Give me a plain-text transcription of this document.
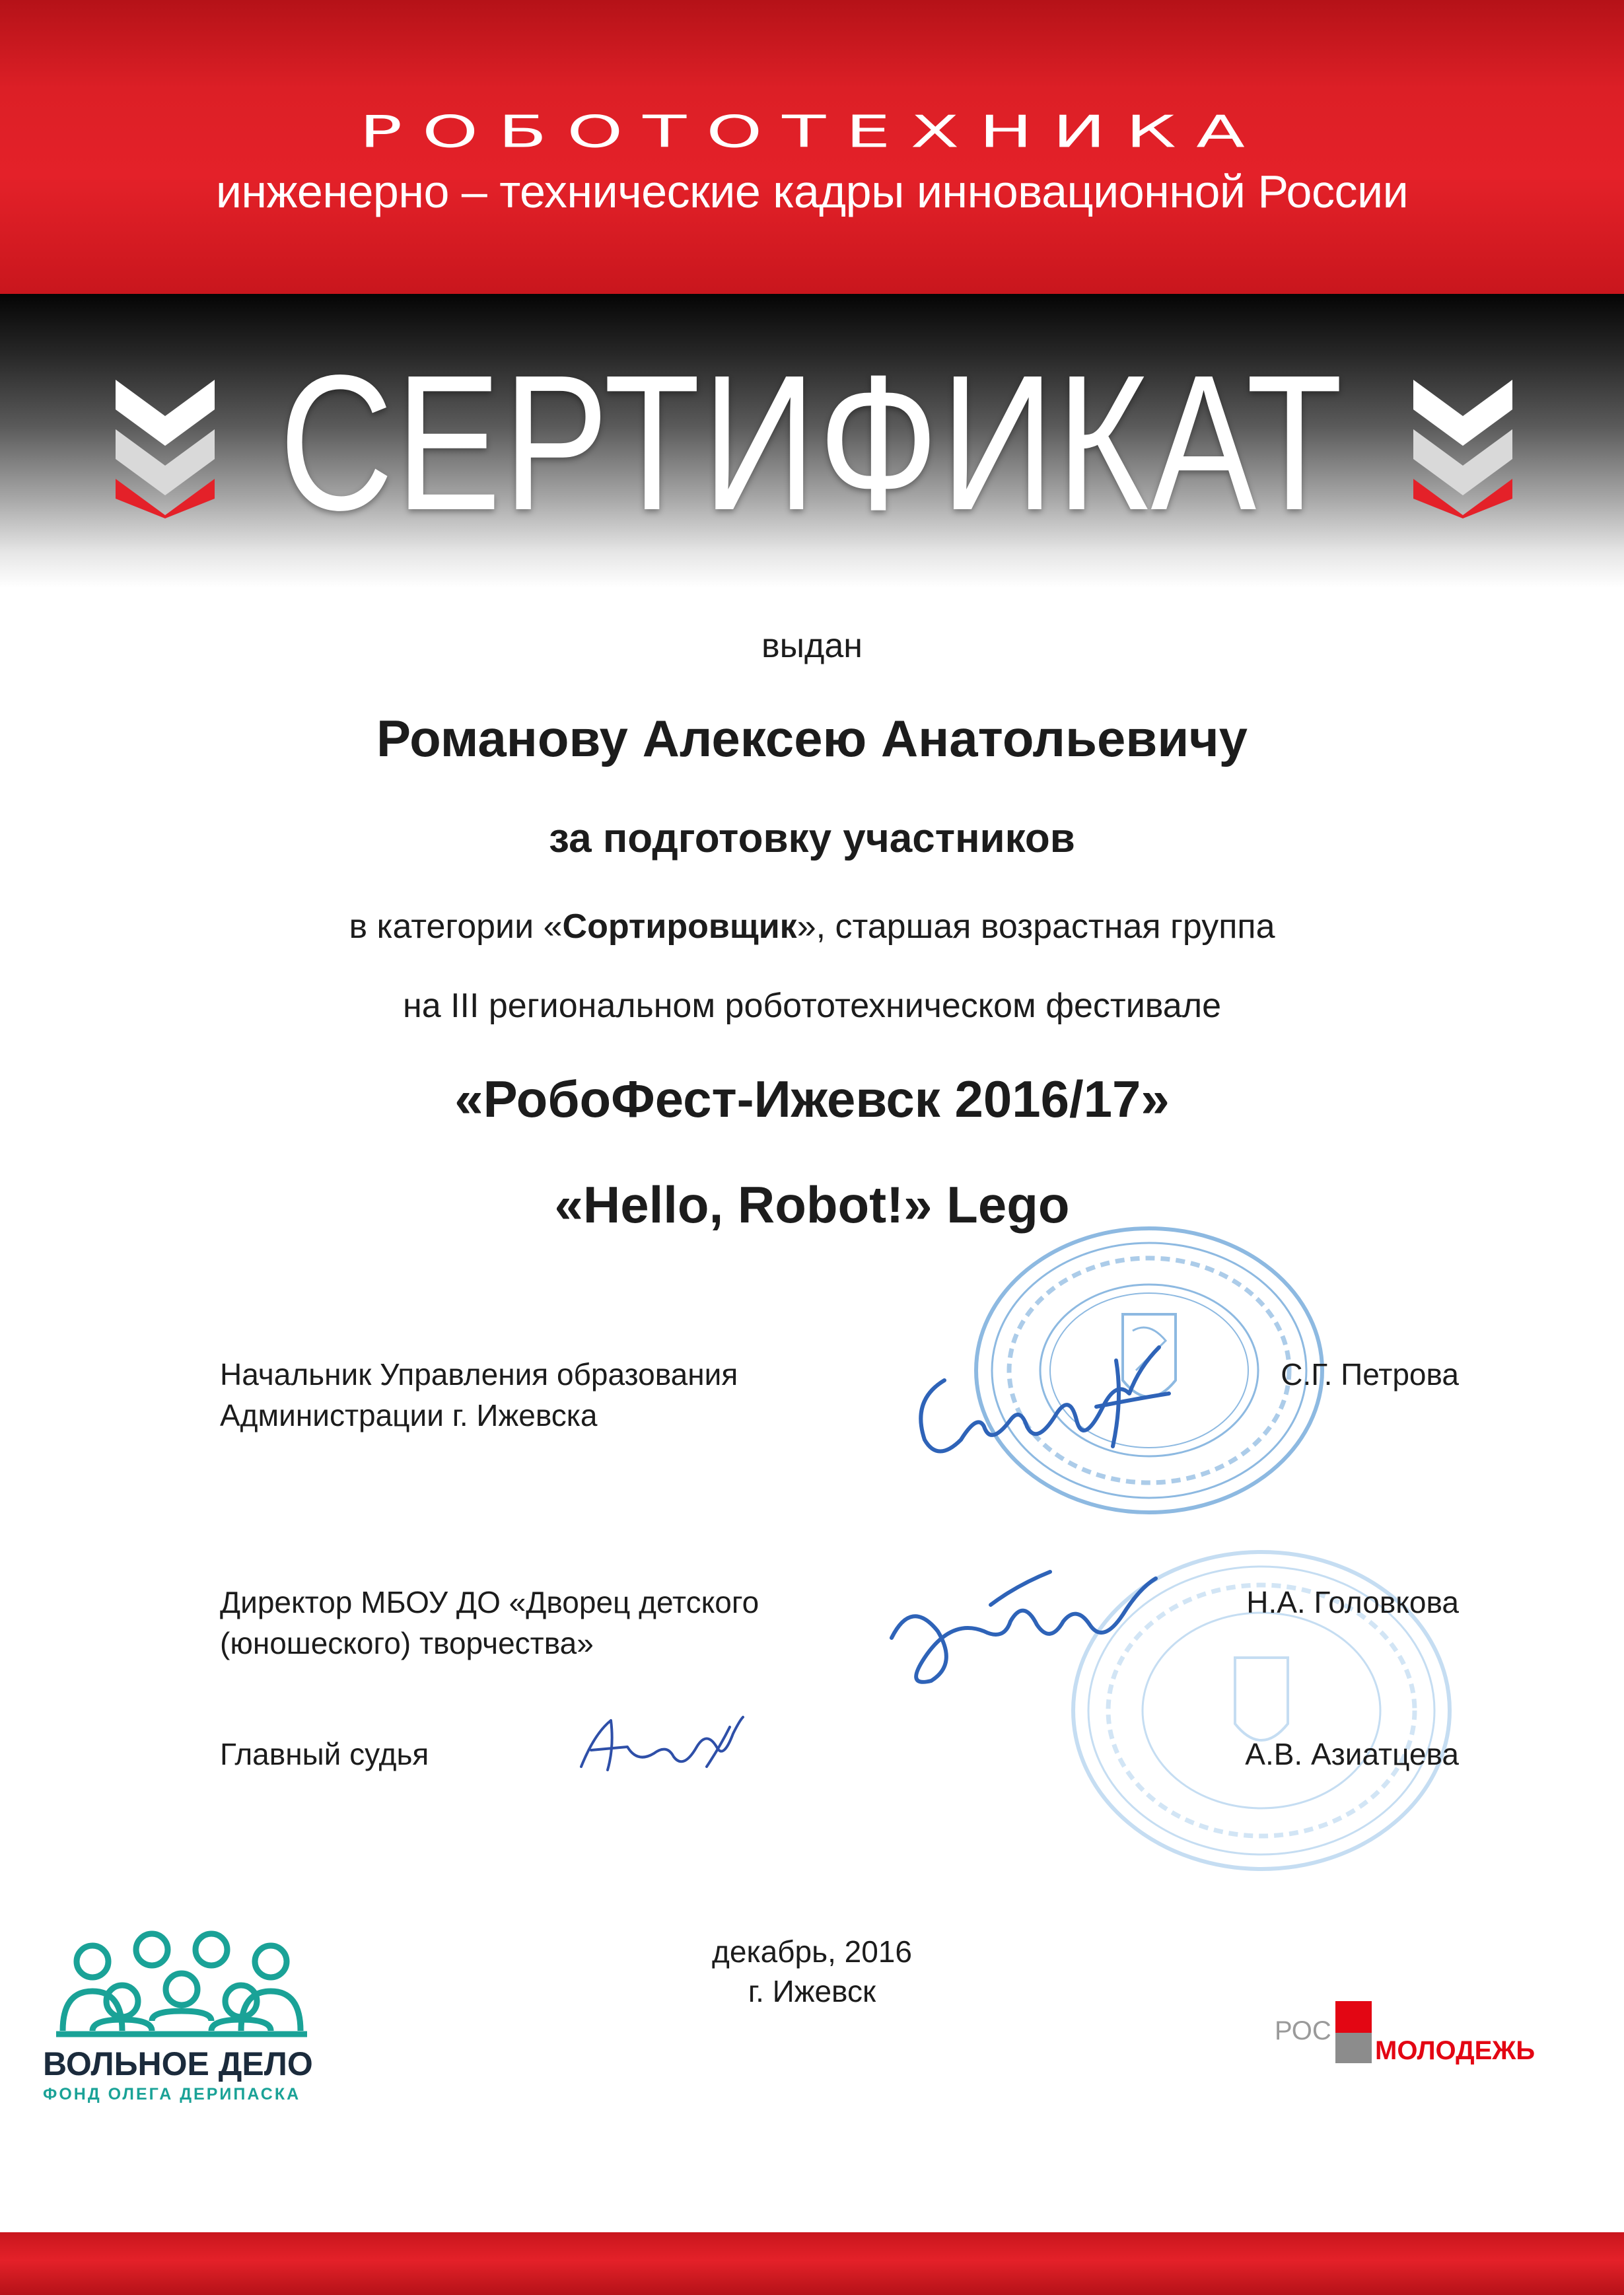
РОБОТОТЕХНИКА
инженерно – технические кадры инновационной России
СЕРТИФИКАТ
выдан
Романову Алексею Анатольевичу
за подготовку участников
в категории «Сортировщик», старшая возрастная группа
на III региональном робототехническом фестивале
«РобоФест-Ижевск 2016/17»
«Hello, Robot!» Lego
Начальник Управления образования
Администрации г. Ижевска
С.Г. Петрова
Директор МБОУ ДО «Дворец детского
(юношеского) творчества»
Н.А. Головкова
Главный судья	А.В. Азиатцева
декабрь, 2016
г. Ижевск
ВОЛЬНОЕ ДЕЛО
ФОНД ОЛЕГА ДЕРИПАСКА
РОС
МОЛОДЕЖЬ
